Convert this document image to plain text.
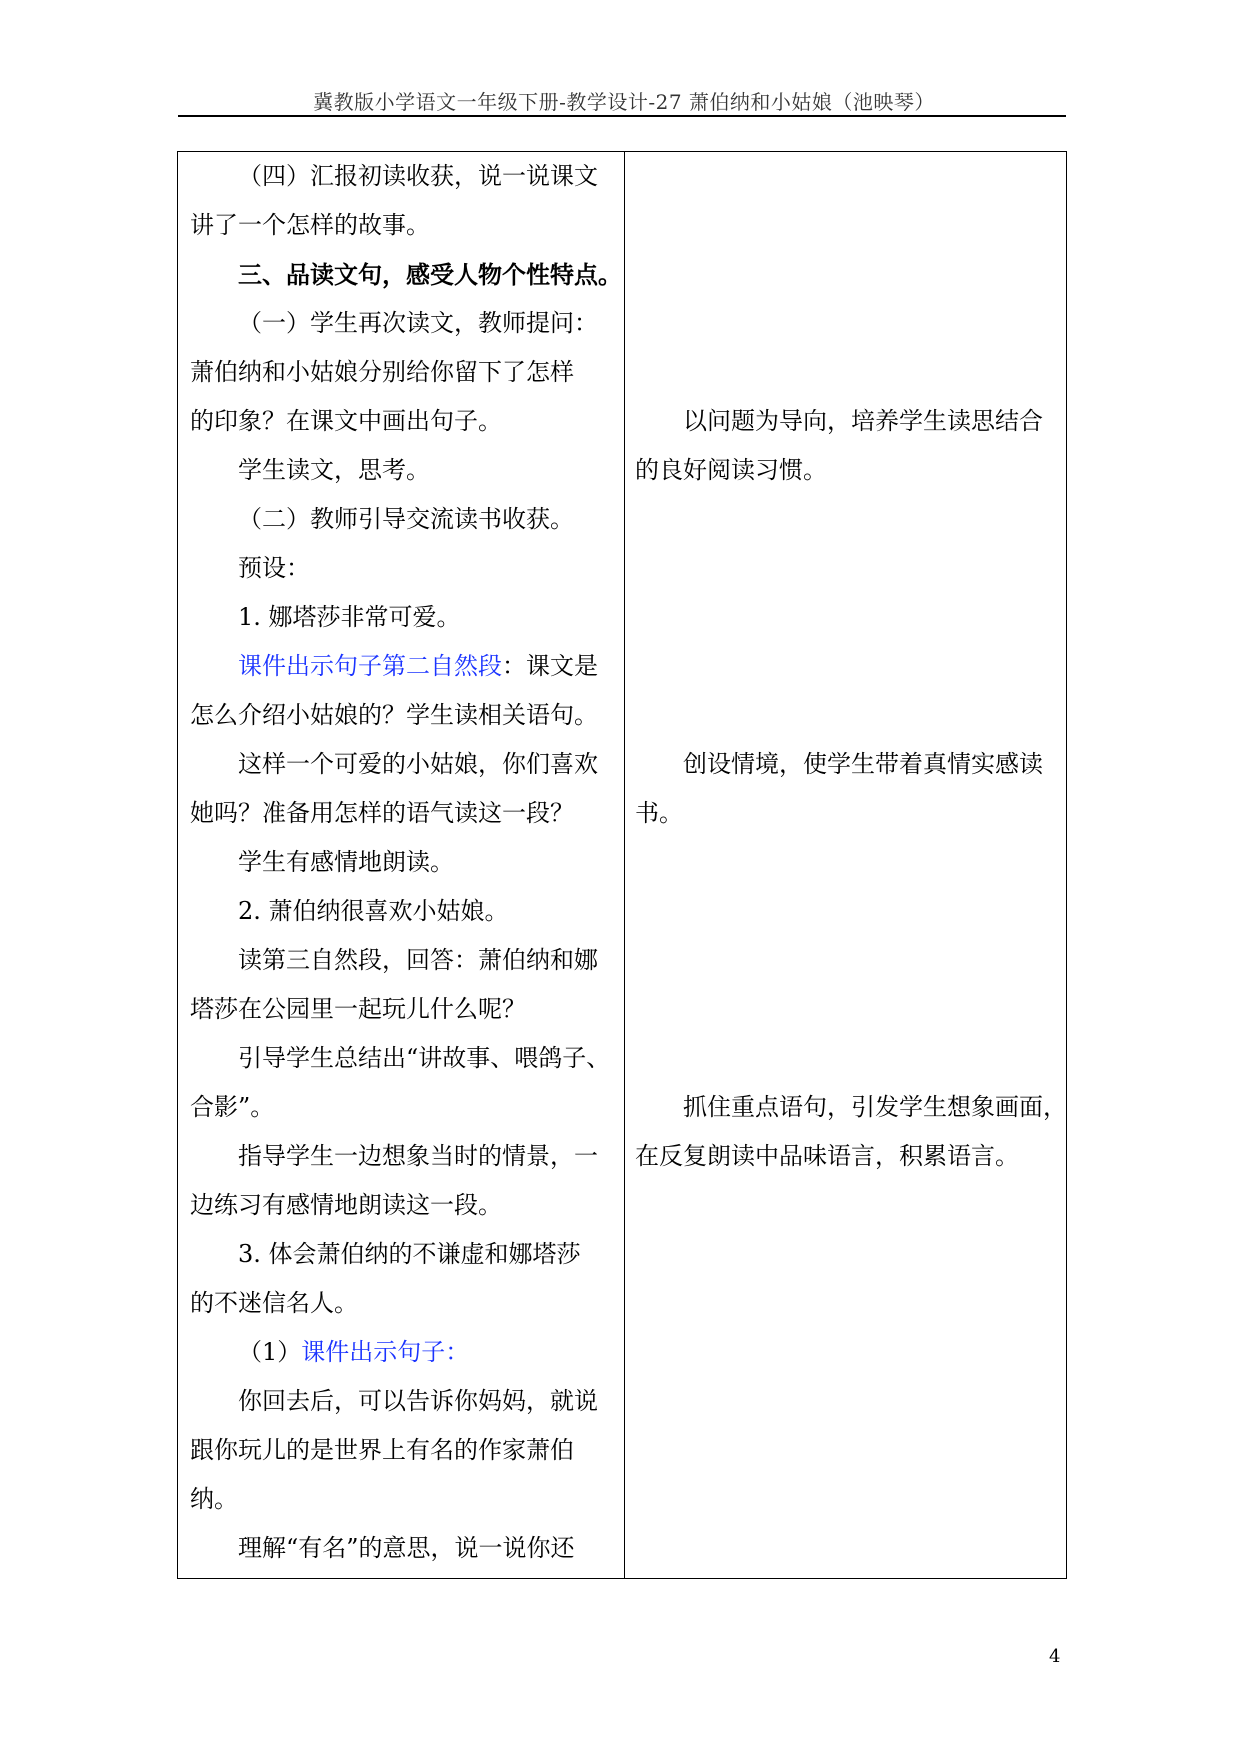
冀教版小学语文一年级下册-教学设计-27 萧伯纳和小姑娘（池映琴）

（四）汇报初读收获，说一说课文

讲了一个怎样的故事。

三、品读文句，感受人物个性特点。

（一）学生再次读文，教师提问：

萧伯纳和小姑娘分别给你留下了怎样

的印象？在课文中画出句子。

学生读文，思考。

（二）教师引导交流读书收获。

预设：

1. 娜塔莎非常可爱。

课件出示句子第二自然段：课文是

怎么介绍小姑娘的？学生读相关语句。

这样一个可爱的小姑娘，你们喜欢

她吗？准备用怎样的语气读这一段？

学生有感情地朗读。

2. 萧伯纳很喜欢小姑娘。

读第三自然段，回答：萧伯纳和娜

塔莎在公园里一起玩儿什么呢？

引导学生总结出“讲故事、喂鸽子、

合影”。

指导学生一边想象当时的情景，一

边练习有感情地朗读这一段。

3. 体会萧伯纳的不谦虚和娜塔莎

的不迷信名人。

（1）课件出示句子：

你回去后，可以告诉你妈妈，就说

跟你玩儿的是世界上有名的作家萧伯

纳。

理解“有名”的意思，说一说你还

以问题为导向，培养学生读思结合

的良好阅读习惯。

创设情境，使学生带着真情实感读

书。

抓住重点语句，引发学生想象画面，

在反复朗读中品味语言，积累语言。

4
